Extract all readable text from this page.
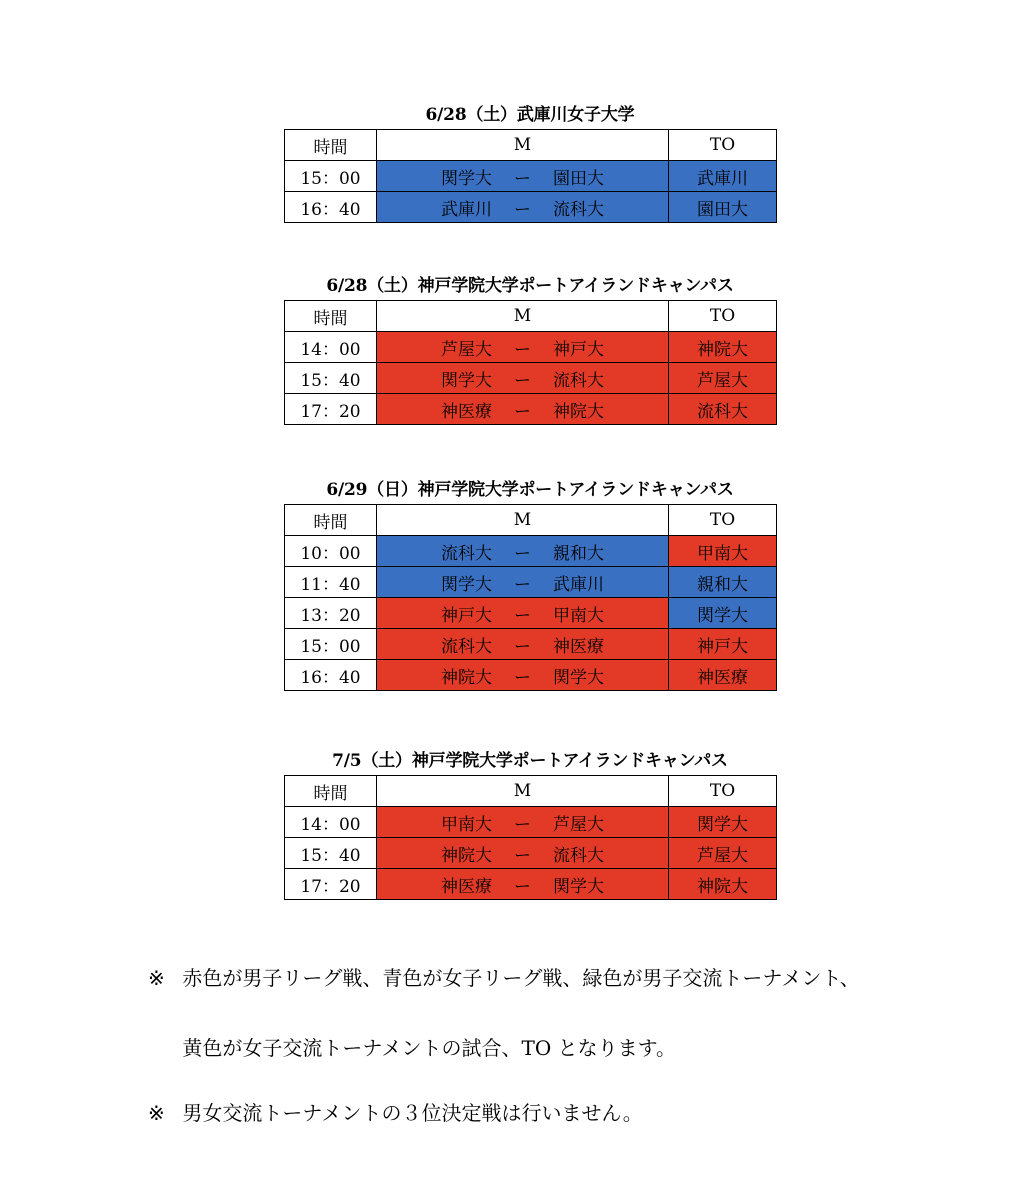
6/28（土）武庫川女子大学
時間	M	TO
15：00	関学大 ー 園田大	武庫川
16：40	武庫川 ー 流科大	園田大
6/28（土）神戸学院大学ポートアイランドキャンパス
時間	M	TO
14：00	芦屋大 ー 神戸大	神院大
15：40	関学大 ー 流科大	芦屋大
17：20	神医療 ー 神院大	流科大
6/29（日）神戸学院大学ポートアイランドキャンパス
時間	M	TO
10：00	流科大 ー 親和大	甲南大
11：40	関学大 ー 武庫川	親和大
13：20	神戸大 ー 甲南大	関学大
15：00	流科大 ー 神医療	神戸大
16：40	神院大 ー 関学大	神医療
7/5（土）神戸学院大学ポートアイランドキャンパス
時間	M	TO
14：00	甲南大 ー 芦屋大	関学大
15：40	神院大 ー 流科大	芦屋大
17：20	神医療 ー 関学大	神院大
※ 赤色が男子リーグ戦、青色が女子リーグ戦、緑色が男子交流トーナメント、
黄色が女子交流トーナメントの試合、TO となります。
※ 男女交流トーナメントの３位決定戦は行いません。
